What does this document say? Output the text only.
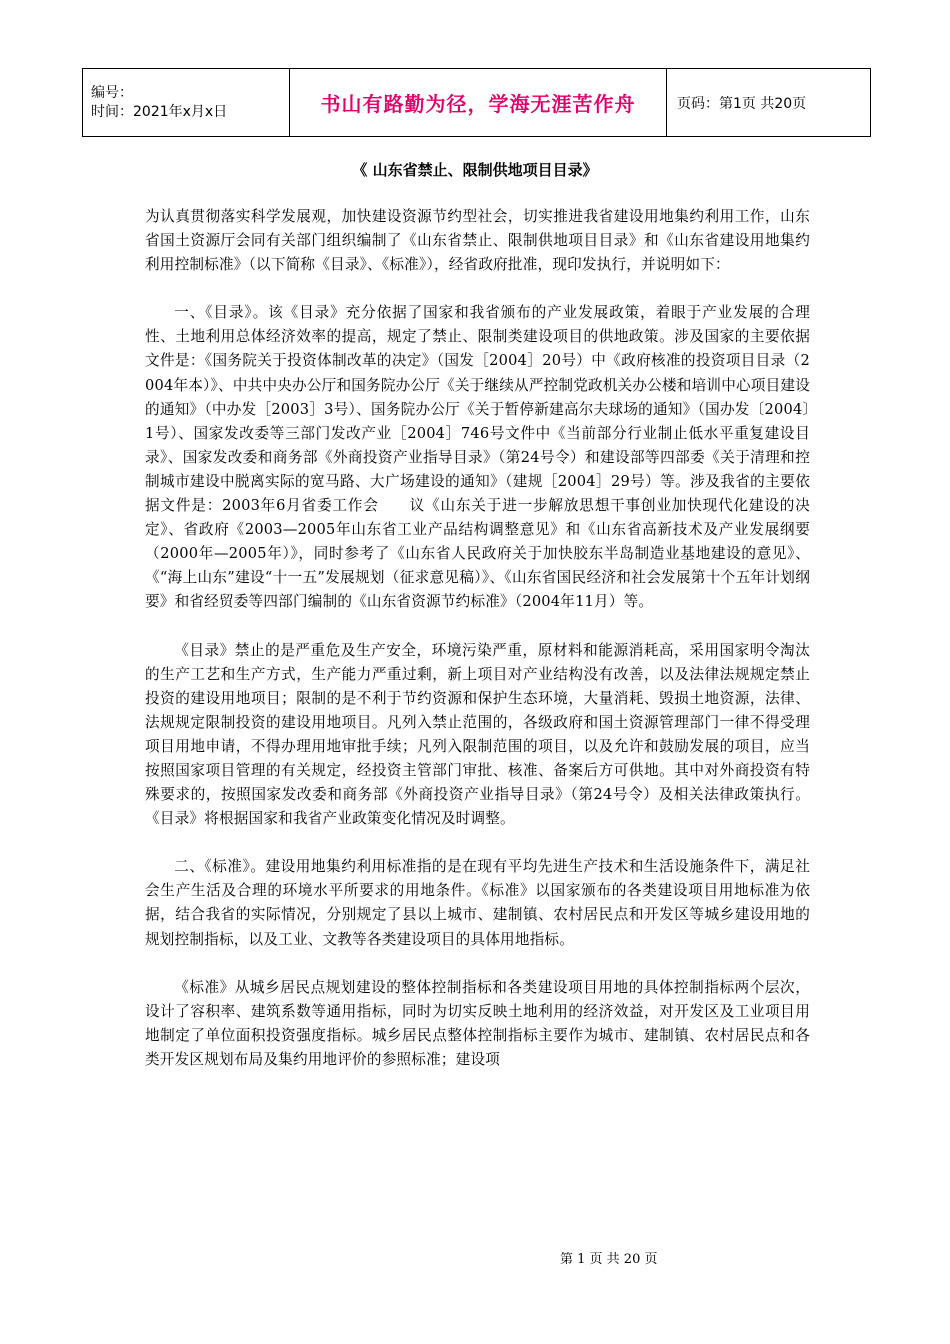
编号：
时间：2021年x月x日	书山有路勤为径，学海无涯苦作舟	页码：第1页 共20页
《 山东省禁止、限制供地项目目录》

为认真贯彻落实科学发展观，加快建设资源节约型社会，切实推进我省建设用地集约利用工作，山东省国土资源厅会同有关部门组织编制了《山东省禁止、限制供地项目目录》和《山东省建设用地集约利用控制标准》（以下简称《目录》、《标准》），经省政府批准，现印发执行，并说明如下：

一、《目录》。该《目录》充分依据了国家和我省颁布的产业发展政策，着眼于产业发展的合理性、土地利用总体经济效率的提高，规定了禁止、限制类建设项目的供地政策。涉及国家的主要依据文件是：《国务院关于投资体制改革的决定》（国发［2004］20号）中《政府核准的投资项目目录（2004年本）》、中共中央办公厅和国务院办公厅《关于继续从严控制党政机关办公楼和培训中心项目建设的通知》（中办发［2003］3号）、国务院办公厅《关于暂停新建高尔夫球场的通知》（国办发〔2004〕1号）、国家发改委等三部门发改产业［2004］746号文件中《当前部分行业制止低水平重复建设目录》、国家发改委和商务部《外商投资产业指导目录》（第24号令）和建设部等四部委《关于清理和控制城市建设中脱离实际的宽马路、大广场建设的通知》（建规［2004］29号）等。涉及我省的主要依据文件是：2003年6月省委工作会　　议《山东关于进一步解放思想干事创业加快现代化建设的决定》、省政府《2003—2005年山东省工业产品结构调整意见》和《山东省高新技术及产业发展纲要（2000年—2005年）》，同时参考了《山东省人民政府关于加快胶东半岛制造业基地建设的意见》、《“海上山东”建设“十一五”发展规划（征求意见稿）》、《山东省国民经济和社会发展第十个五年计划纲要》和省经贸委等四部门编制的《山东省资源节约标准》（2004年11月）等。

《目录》禁止的是严重危及生产安全，环境污染严重，原材料和能源消耗高，采用国家明令淘汰的生产工艺和生产方式，生产能力严重过剩，新上项目对产业结构没有改善，以及法律法规规定禁止投资的建设用地项目；限制的是不利于节约资源和保护生态环境，大量消耗、毁损土地资源，法律、法规规定限制投资的建设用地项目。凡列入禁止范围的，各级政府和国土资源管理部门一律不得受理项目用地申请，不得办理用地审批手续；凡列入限制范围的项目，以及允许和鼓励发展的项目，应当按照国家项目管理的有关规定，经投资主管部门审批、核准、备案后方可供地。其中对外商投资有特殊要求的，按照国家发改委和商务部《外商投资产业指导目录》（第24号令）及相关法律政策执行。《目录》将根据国家和我省产业政策变化情况及时调整。

二、《标准》。建设用地集约利用标准指的是在现有平均先进生产技术和生活设施条件下，满足社会生产生活及合理的环境水平所要求的用地条件。《标准》以国家颁布的各类建设项目用地标准为依据，结合我省的实际情况，分别规定了县以上城市、建制镇、农村居民点和开发区等城乡建设用地的规划控制指标，以及工业、文教等各类建设项目的具体用地指标。

《标准》从城乡居民点规划建设的整体控制指标和各类建设项目用地的具体控制指标两个层次，设计了容积率、建筑系数等通用指标，同时为切实反映土地利用的经济效益，对开发区及工业项目用地制定了单位面积投资强度指标。城乡居民点整体控制指标主要作为城市、建制镇、农村居民点和各类开发区规划布局及集约用地评价的参照标准；建设项

第 1 页 共 20 页
